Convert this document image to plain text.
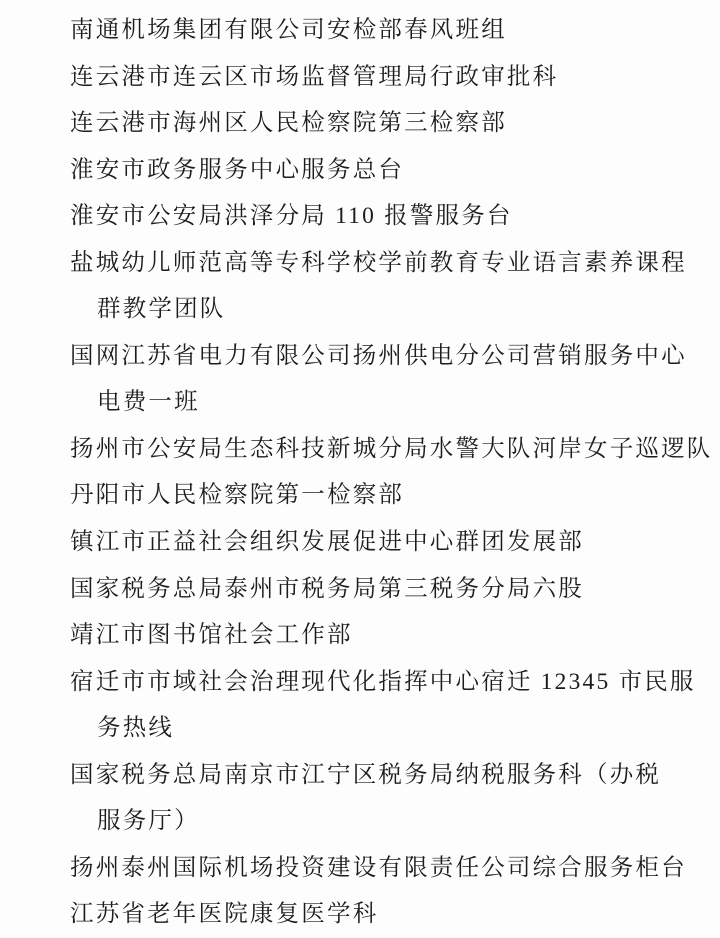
南通机场集团有限公司安检部春风班组
连云港市连云区市场监督管理局行政审批科
连云港市海州区人民检察院第三检察部
淮安市政务服务中心服务总台
淮安市公安局洪泽分局 110 报警服务台
盐城幼儿师范高等专科学校学前教育专业语言素养课程
群教学团队
国网江苏省电力有限公司扬州供电分公司营销服务中心
电费一班
扬州市公安局生态科技新城分局水警大队河岸女子巡逻队
丹阳市人民检察院第一检察部
镇江市正益社会组织发展促进中心群团发展部
国家税务总局泰州市税务局第三税务分局六股
靖江市图书馆社会工作部
宿迁市市域社会治理现代化指挥中心宿迁 12345 市民服
务热线
国家税务总局南京市江宁区税务局纳税服务科（办税
服务厅）
扬州泰州国际机场投资建设有限责任公司综合服务柜台
江苏省老年医院康复医学科
